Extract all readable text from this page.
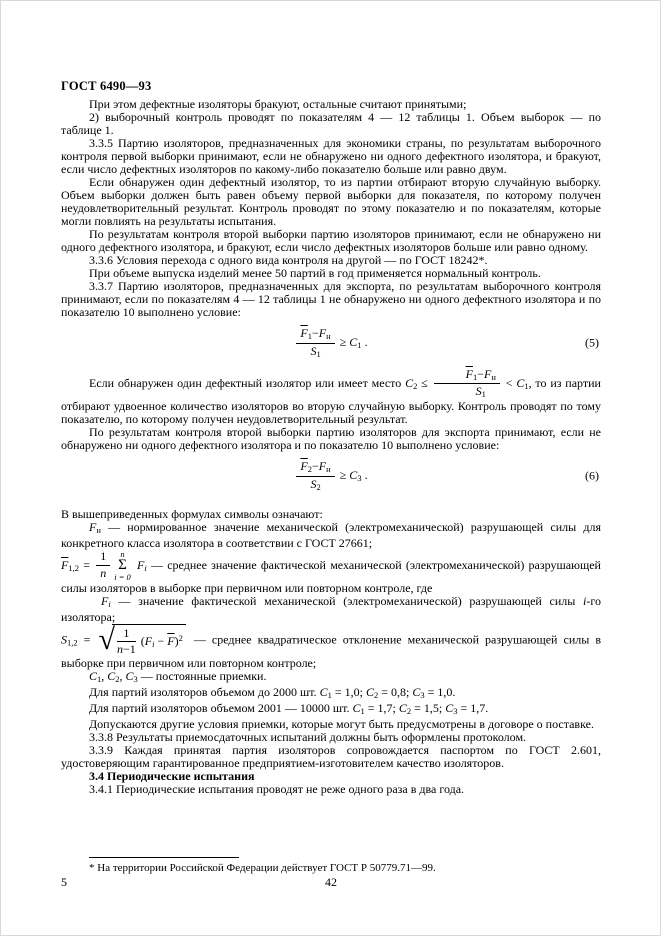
ГОСТ 6490—93
При этом дефектные изоляторы бракуют, остальные считают принятыми;
2) выборочный контроль проводят по показателям 4 — 12 таблицы 1. Объем выборок — по таблице 1.
3.3.5 Партию изоляторов, предназначенных для экономики страны, по результатам выборочного контроля первой выборки принимают, если не обнаружено ни одного дефектного изолятора, и бракуют, если число дефектных изоляторов по какому-либо показателю больше или равно двум.
Если обнаружен один дефектный изолятор, то из партии отбирают вторую случайную выборку. Объем выборки должен быть равен объему первой выборки для показателя, по которому получен неудовлетворительный результат. Контроль проводят по этому показателю и по показателям, которые могли повлиять на результаты испытания.
По результатам контроля второй выборки партию изоляторов принимают, если не обнаружено ни одного дефектного изолятора, и бракуют, если число дефектных изоляторов больше или равно одному.
3.3.6 Условия перехода с одного вида контроля на другой — по ГОСТ 18242*.
При объеме выпуска изделий менее 50 партий в год применяется нормальный контроль.
3.3.7 Партию изоляторов, предназначенных для экспорта, по результатам выборочного контроля принимают, если по показателям 4 — 12 таблицы 1 не обнаружено ни одного дефектного изолятора и по показателю 10 выполнено условие:
$\frac{\overline{F}1-Fн}{S1} \ge C1$ .	(5)
Если обнаружен один дефектный изолятор или имеет место $C2 \le \frac{\overline{F}1-Fн}{S1} < C1$, то из партии отбирают удвоенное количество изоляторов во вторую случайную выборку. Контроль проводят по тому показателю, по которому получен неудовлетворительный результат.
По результатам контроля второй выборки партию изоляторов для экспорта принимают, если не обнаружено ни одного дефектного изолятора и по показателю 10 выполнено условие:
$\frac{\overline{F}2-Fн}{S2} \ge C3$ .	(6)
В вышеприведенных формулах символы означают:
Fн — нормированное значение механической (электромеханической) разрушающей силы для конкретного класса изолятора в соответствии с ГОСТ 27661;
$\overline{F}1,2 = \frac{1}{n}$	n
Σ
i = 0
Fi — среднее значение фактической механической (электромеханической) разрушающей силы изоляторов в выборке при первичном или повторном контроле, где
Fi — значение фактической механической (электромеханической) разрушающей силы i-го изолятора;
S1,2 = √ $\frac{1}{n-1} (Fi - \overline{F})^2$ — среднее квадратическое отклонение механической разрушающей силы в выборке при первичном или повторном контроле;
C1, C2, C3 — постоянные приемки.
Для партий изоляторов объемом до 2000 шт. C1 = 1,0; C2 = 0,8; C3 = 1,0.
Для партий изоляторов объемом 2001 — 10000 шт. C1 = 1,7; C2 = 1,5; C3 = 1,7.
Допускаются другие условия приемки, которые могут быть предусмотрены в договоре о поставке.
3.3.8 Результаты приемосдаточных испытаний должны быть оформлены протоколом.
3.3.9 Каждая принятая партия изоляторов сопровождается паспортом по ГОСТ 2.601, удостоверяющим гарантированное предприятием-изготовителем качество изоляторов.
3.4 Периодические испытания
3.4.1 Периодические испытания проводят не реже одного раза в два года.
* На территории Российской Федерации действует ГОСТ Р 50779.71—99.
5	42
